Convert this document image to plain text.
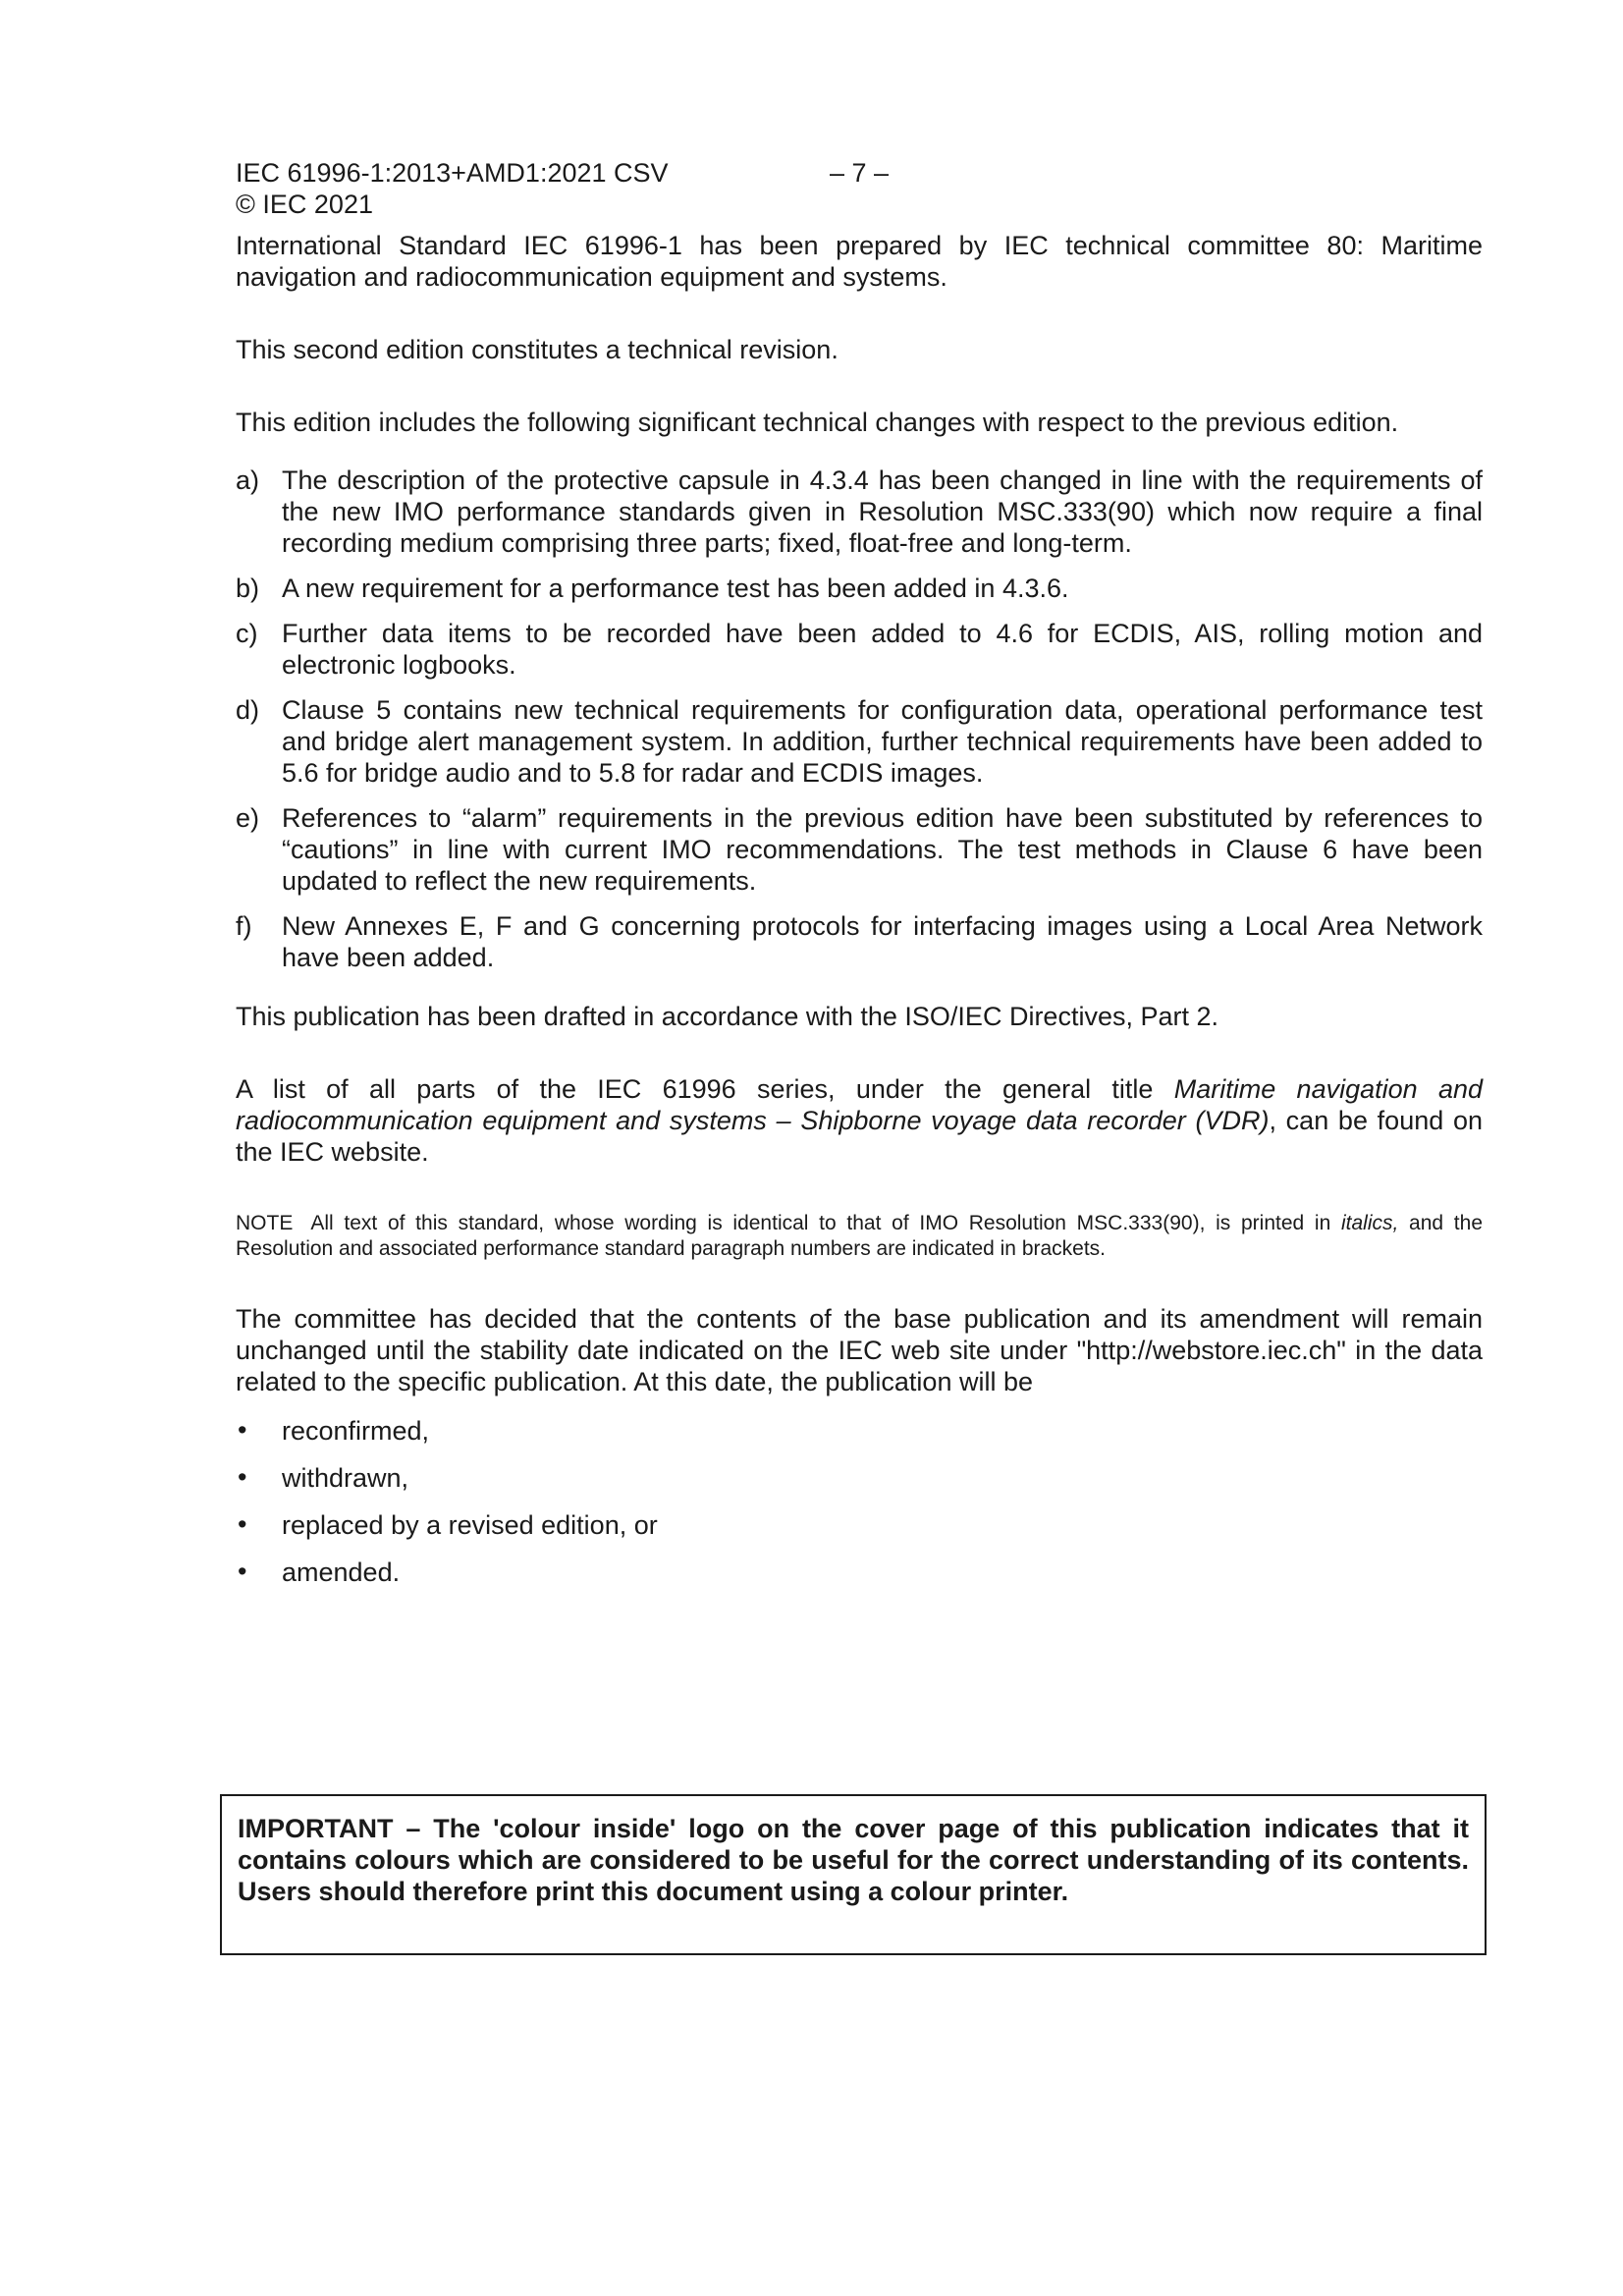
IEC 61996-1:2013+AMD1:2021 CSV	– 7 –
© IEC 2021

International Standard IEC 61996-1 has been prepared by IEC technical committee 80: Maritime navigation and radiocommunication equipment and systems.

This second edition constitutes a technical revision.

This edition includes the following significant technical changes with respect to the previous edition.

a) The description of the protective capsule in 4.3.4 has been changed in line with the requirements of the new IMO performance standards given in Resolution MSC.333(90) which now require a final recording medium comprising three parts; fixed, float-free and long-term.
b) A new requirement for a performance test has been added in 4.3.6.
c) Further data items to be recorded have been added to 4.6 for ECDIS, AIS, rolling motion and electronic logbooks.
d) Clause 5 contains new technical requirements for configuration data, operational performance test and bridge alert management system. In addition, further technical requirements have been added to 5.6 for bridge audio and to 5.8 for radar and ECDIS images.
e) References to “alarm” requirements in the previous edition have been substituted by references to “cautions” in line with current IMO recommendations. The test methods in Clause 6 have been updated to reflect the new requirements.
f) New Annexes E, F and G concerning protocols for interfacing images using a Local Area Network have been added.

This publication has been drafted in accordance with the ISO/IEC Directives, Part 2.

A list of all parts of the IEC 61996 series, under the general title Maritime navigation and radiocommunication equipment and systems – Shipborne voyage data recorder (VDR), can be found on the IEC website.

NOTE All text of this standard, whose wording is identical to that of IMO Resolution MSC.333(90), is printed in italics, and the Resolution and associated performance standard paragraph numbers are indicated in brackets.

The committee has decided that the contents of the base publication and its amendment will remain unchanged until the stability date indicated on the IEC web site under "http://webstore.iec.ch" in the data related to the specific publication. At this date, the publication will be

• reconfirmed,
• withdrawn,
• replaced by a revised edition, or
• amended.
IMPORTANT – The 'colour inside' logo on the cover page of this publication indicates that it contains colours which are considered to be useful for the correct understanding of its contents. Users should therefore print this document using a colour printer.
